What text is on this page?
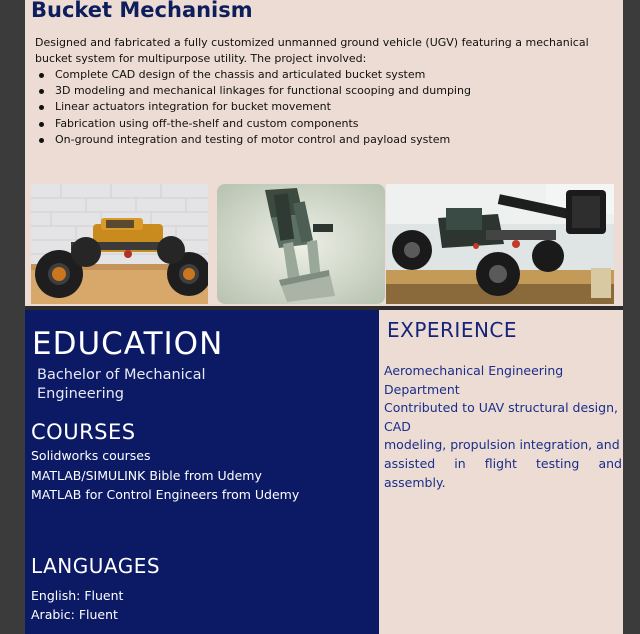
Bucket Mechanism
Designed and fabricated a fully customized unmanned ground vehicle (UGV) featuring a mechanical bucket system for multipurpose utility. The project involved:
Complete CAD design of the chassis and articulated bucket system
3D modeling and mechanical linkages for functional scooping and dumping
Linear actuators integration for bucket movement
Fabrication using off-the-shelf and custom components
On-ground integration and testing of motor control and payload system
EDUCATION
Bachelor of Mechanical Engineering
COURSES
Solidworks courses
MATLAB/SIMULINK Bible from Udemy
MATLAB for Control Engineers from Udemy
LANGUAGES
English: Fluent
Arabic: Fluent
EXPERIENCE
Aeromechanical Engineering
Department
Contributed to UAV structural design,
CAD
modeling, propulsion integration, and
assisted in flight testing and
assembly.
